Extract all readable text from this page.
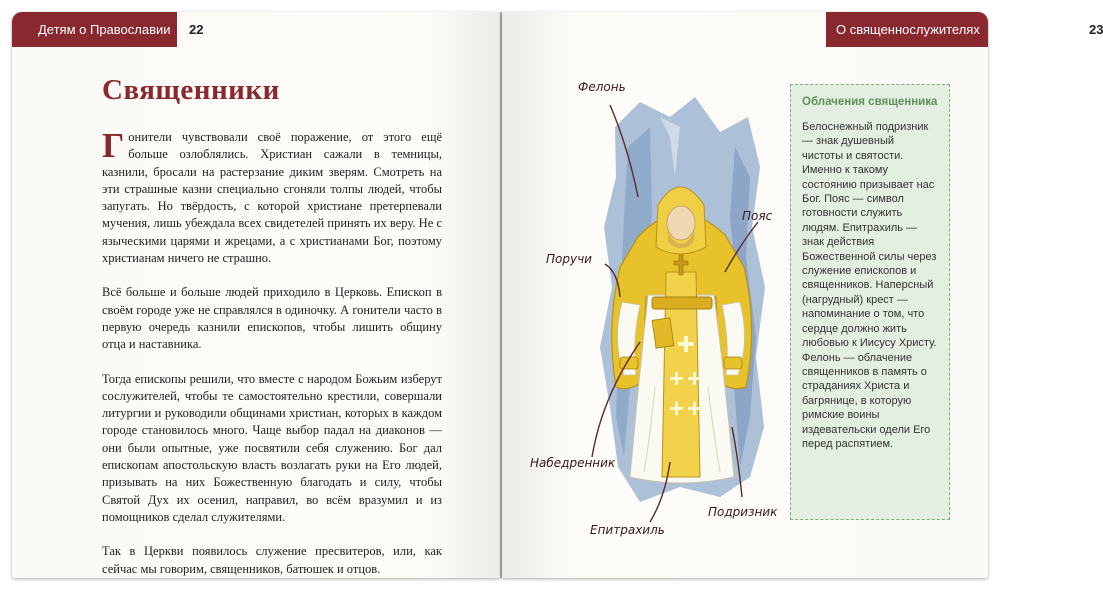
Детям о Православии	22
Священники

Гонители чувствовали своё поражение, от этого ещё больше озлоблялись. Христиан сажали в темницы, казнили, бросали на растерзание диким зверям. Смотреть на эти страшные казни специально сгоняли толпы людей, чтобы запугать. Но твёрдость, с которой христиане претерпевали мучения, лишь убеждала всех свидетелей принять их веру. Не с языческими царями и жрецами, а с христианами Бог, поэтому христианам ничего не страшно.

Всё больше и больше людей приходило в Церковь. Епископ в своём городе уже не справлялся в одиночку. А гонители часто в первую очередь казнили епископов, чтобы лишить общину отца и наставника.

Тогда епископы решили, что вместе с народом Божьим изберут сослужителей, чтобы те самостоятельно крестили, совершали литургии и руководили общинами христиан, которых в каждом городе становилось много. Чаще выбор падал на диаконов — они были опытные, уже посвятили себя служению. Бог дал епископам апостольскую власть возлагать руки на Его людей, призывать на них Божественную благодать и силу, чтобы Святой Дух их осенил, направил, во всём вразумил и из помощников сделал служителями.

Так в Церкви появилось служение пресвитеров, или, как сейчас мы говорим, священников, батюшек и отцов.

23
О священнослужителях
Фелонь
Пояс
Поручи
Набедренник
Епитрахиль
Подризник
Облачения священника
Белоснежный подризник — знак душевный чистоты и святости. Именно к такому состоянию призывает нас Бог. Пояс — символ готовности служить людям. Епитрахиль — знак действия Божественной силы через служение епископов и священников. Наперсный (нагрудный) крест — напоминание о том, что сердце должно жить любовью к Иисусу Христу. Фелонь — облачение священников в память о страданиях Христа и багрянице, в которую римские воины издевательски одели Его перед распятием.
